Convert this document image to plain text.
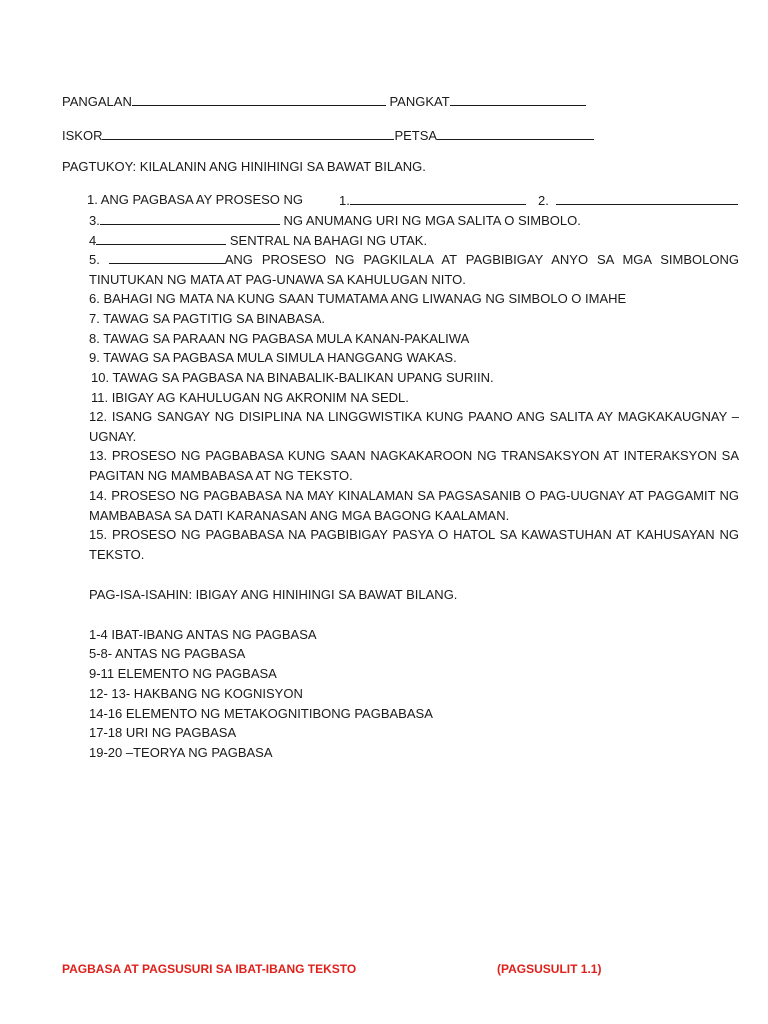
PANGALAN	PANGKAT
ISKOR	PETSA
PAGTUKOY: KILALANIN ANG HINIHINGI SA BAWAT BILANG.
1. ANG PAGBASA AY PROSESO NG	1.	2.
3.	NG ANUMANG URI NG MGA SALITA O SIMBOLO.
4	SENTRAL NA BAHAGI NG UTAK.
5.	ANG PROSESO NG PAGKILALA AT PAGBIBIGAY ANYO SA MGA SIMBOLONG
TINUTUKAN NG MATA AT PAG-UNAWA SA KAHULUGAN NITO.
6. BAHAGI NG MATA NA KUNG SAAN TUMATAMA ANG LIWANAG NG SIMBOLO O IMAHE
7. TAWAG SA PAGTITIG SA BINABASA.
8. TAWAG SA PARAAN NG PAGBASA MULA KANAN-PAKALIWA
9. TAWAG SA PAGBASA MULA SIMULA HANGGANG WAKAS.
10. TAWAG SA PAGBASA NA BINABALIK-BALIKAN UPANG SURIIN.
11. IBIGAY AG KAHULUGAN NG AKRONIM NA SEDL.
12. ISANG SANGAY NG DISIPLINA NA LINGGWISTIKA KUNG PAANO ANG SALITA AY MAGKAKAUGNAY –
UGNAY.
13. PROSESO NG PAGBABASA KUNG SAAN NAGKAKAROON NG TRANSAKSYON AT INTERAKSYON SA
PAGITAN NG MAMBABASA AT NG TEKSTO.
14. PROSESO NG PAGBABASA NA MAY KINALAMAN SA PAGSASANIB O PAG-UUGNAY AT PAGGAMIT NG
MAMBABASA SA DATI KARANASAN ANG MGA BAGONG KAALAMAN.
15. PROSESO NG PAGBABASA NA PAGBIBIGAY PASYA O HATOL SA KAWASTUHAN AT KAHUSAYAN NG
TEKSTO.
PAG-ISA-ISAHIN: IBIGAY ANG HINIHINGI SA BAWAT BILANG.
1-4 IBAT-IBANG ANTAS NG PAGBASA
5-8- ANTAS NG PAGBASA
9-11 ELEMENTO NG PAGBASA
12- 13- HAKBANG NG KOGNISYON
14-16 ELEMENTO NG METAKOGNITIBONG PAGBABASA
17-18 URI NG PAGBASA
19-20 –TEORYA NG PAGBASA
PAGBASA AT PAGSUSURI SA IBAT-IBANG TEKSTO	(PAGSUSULIT 1.1)
